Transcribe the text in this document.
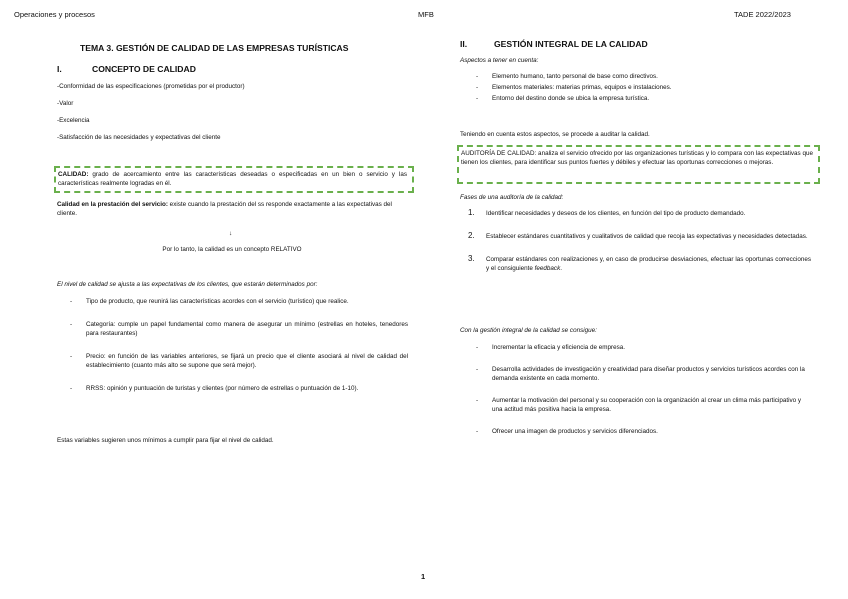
Operaciones y procesos	MFB	TADE 2022/2023
TEMA 3. GESTIÓN DE CALIDAD DE LAS EMPRESAS TURÍSTICAS
I.	CONCEPTO DE CALIDAD
-Conformidad de las especificaciones (prometidas por el productor)
-Valor
-Excelencia
-Satisfacción de las necesidades y expectativas del cliente
CALIDAD: grado de acercamiento entre las características deseadas o especificadas en un bien o servicio y las características realmente logradas en él.
Calidad en la prestación del servicio: existe cuando la prestación del ss responde exactamente a las expectativas del cliente.
↓
Por lo tanto, la calidad es un concepto RELATIVO
El nivel de calidad se ajusta a las expectativas de los clientes, que estarán determinados por:
- Tipo de producto, que reunirá las características acordes con el servicio (turístico) que realice.
- Categoría: cumple un papel fundamental como manera de asegurar un mínimo (estrellas en hoteles, tenedores para restaurantes)
- Precio: en función de las variables anteriores, se fijará un precio que el cliente asociará al nivel de calidad del establecimiento (cuanto más alto se supone que será mejor).
- RRSS: opinión y puntuación de turistas y clientes (por número de estrellas o puntuación de 1-10).
Estas variables sugieren unos mínimos a cumplir para fijar el nivel de calidad.
II.	GESTIÓN INTEGRAL DE LA CALIDAD
Aspectos a tener en cuenta:
- Elemento humano, tanto personal de base como directivos.
- Elementos materiales: materias primas, equipos e instalaciones.
- Entorno del destino donde se ubica la empresa turística.
Teniendo en cuenta estos aspectos, se procede a auditar la calidad.
AUDITORÍA DE CALIDAD: analiza el servicio ofrecido por las organizaciones turísticas y lo compara con las expectativas que tienen los clientes, para identificar sus puntos fuertes y débiles y efectuar las oportunas correcciones o mejoras.
Fases de una auditoría de la calidad:
1. Identificar necesidades y deseos de los clientes, en función del tipo de producto demandado.
2. Establecer estándares cuantitativos y cualitativos de calidad que recoja las expectativas y necesidades detectadas.
3. Comparar estándares con realizaciones y, en caso de producirse desviaciones, efectuar las oportunas correcciones y el consiguiente feedback.
Con la gestión integral de la calidad se consigue:
- Incrementar la eficacia y eficiencia de empresa.
- Desarrolla actividades de investigación y creatividad para diseñar productos y servicios turísticos acordes con la demanda existente en cada momento.
- Aumentar la motivación del personal y su cooperación con la organización al crear un clima más participativo y una actitud más positiva hacia la empresa.
- Ofrecer una imagen de productos y servicios diferenciados.
1
